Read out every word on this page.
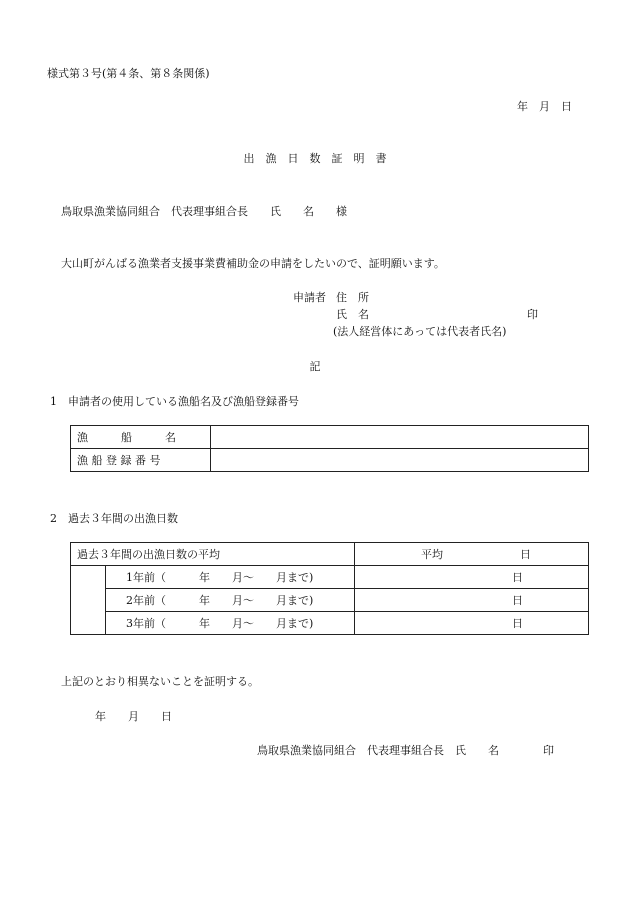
様式第３号(第４条、第８条関係)
年　月　日
出　漁　日　数　証　明　書
鳥取県漁業協同組合　代表理事組合長　　氏　　名　　様
大山町がんばる漁業者支援事業費補助金の申請をしたいので、証明願います。
申請者 住　所
氏　名	印
(法人経営体にあっては代表者氏名)
記
1　申請者の使用している漁船名及び漁船登録番号
漁　　　船　　　名	
漁 船 登 録 番 号	
2　過去３年間の出漁日数
過去３年間の出漁日数の平均		平均 日
	1年前（　　　年　　月～　　月まで)	日
	2年前（　　　年　　月～　　月まで)	日
	3年前（　　　年　　月～　　月まで)	日
上記のとおり相異ないことを証明する。
年　　月　　日
鳥取県漁業協同組合　代表理事組合長　氏　　名　　　　印
